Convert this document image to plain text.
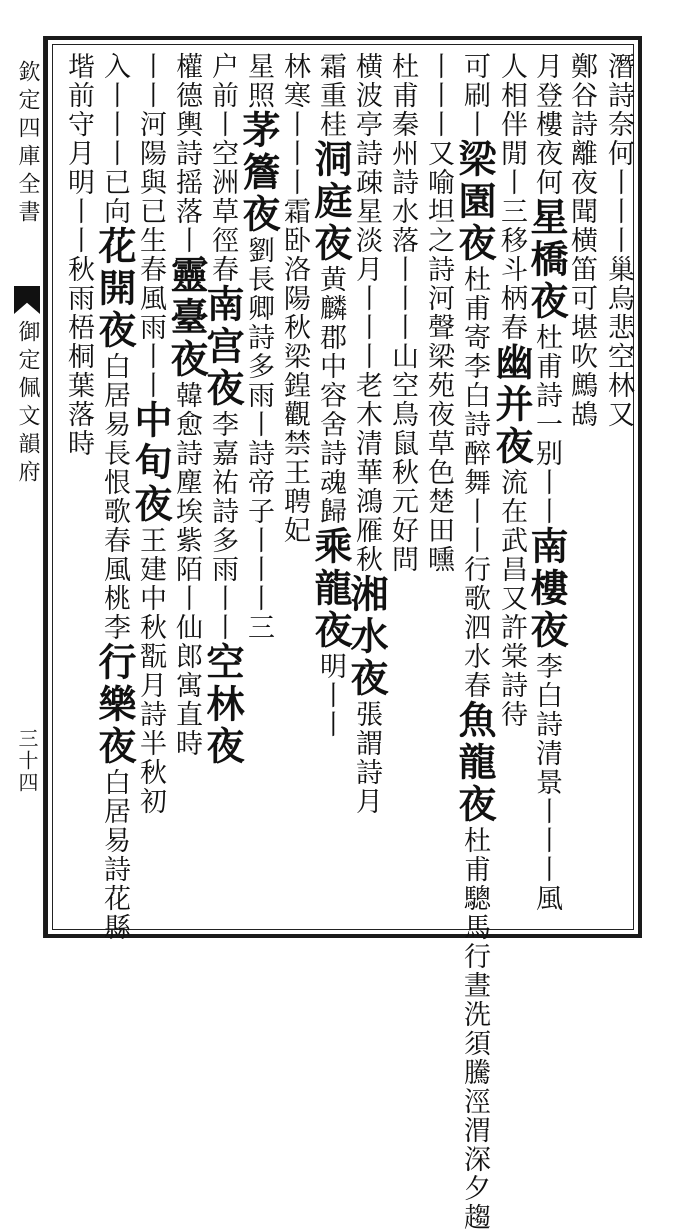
欽定四庫全書
御定佩文韻府
三十四
潛詩奈何丨丨丨巢烏悲空林又
鄭谷詩離夜聞横笛可堪吹鷓鴣
月登樓夜何星橋夜杜甫詩一别丨丨南樓夜李白詩清景丨丨丨風
人相伴閒丨三移斗柄春幽并夜流在武昌又許棠詩待
可刷丨梁園夜杜甫寄李白詩醉舞丨丨行歌泗水春魚龍夜杜甫驄馬行晝洗須騰涇渭深夕趨
丨丨丨又喻坦之詩河聲梁苑夜草色楚田曛
杜甫秦州詩水落丨丨丨山空鳥鼠秋元好問
横波亭詩疎星淡月丨丨丨老木清華鴻雁秋湘水夜張謂詩月
霜重桂洞庭夜黄麟郡中容舍詩魂歸乘龍夜明丨丨
林寒丨丨丨霜卧洛陽秋梁鍠觀禁王聘妃
星照茅簷夜劉長卿詩多雨丨詩帝子丨丨丨三
户前丨空洲草徑春南宫夜李嘉祐詩多雨丨丨空林夜
權德輿詩摇落丨靈臺夜韓愈詩塵埃紫陌丨仙郎寓直時
丨丨河陽與已生春風雨丨丨中旬夜王建中秋翫月詩半秋初
入丨丨丨已向花開夜白居易長恨歌春風桃李行樂夜白居易詩花縣
堦前守月明丨丨秋雨梧桐葉落時
